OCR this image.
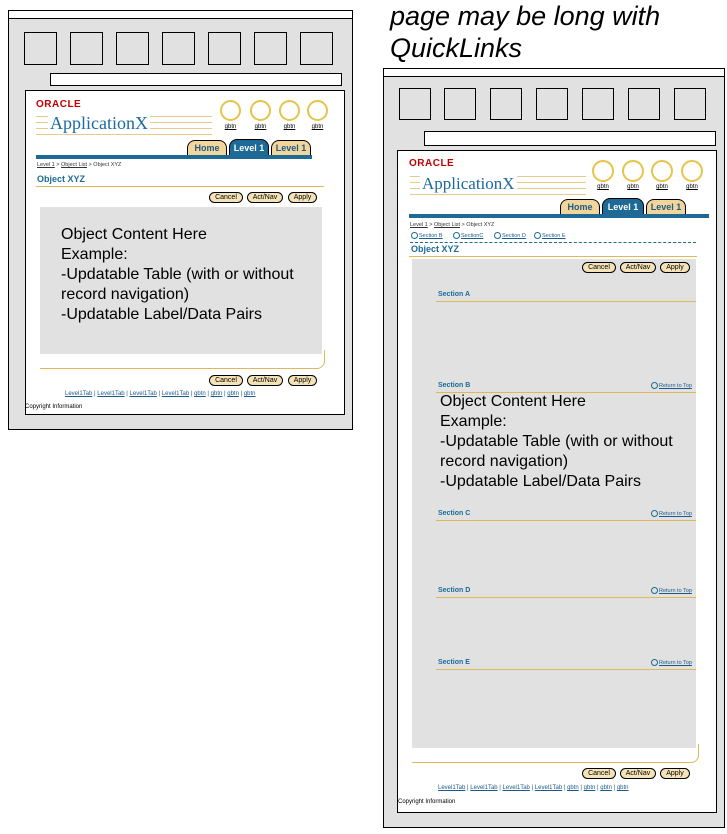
page may be long with
QuickLinks
ORACLE
ApplicationX	gbtn	gbtn	gbtn	gbtn
Home	Level 1	Level 1
Level 1 > Object List > Object XYZ
Object XYZ
Cancel	Act/Nav	Apply
Object Content Here
Example:
-Updatable Table (with or without
record navigation)
-Updatable Label/Data Pairs
Cancel	Act/Nav	Apply
Level1Tab | Level1Tab | Level1Tab | Level1Tab | gbtn | gbtn | gbtn | gbtn
Copyright Information
ORACLE
ApplicationX	gbtn	gbtn	gbtn	gbtn
Home	Level 1	Level 1
Level 1 > Object List > Object XYZ
Section B	SectionC	Section D	Section E
Object XYZ
Cancel	Act/Nav	Apply
Section A
Section B	Return to Top
Object Content Here
Example:
-Updatable Table (with or without
record navigation)
-Updatable Label/Data Pairs
Section C	Return to Top
Section D	Return to Top
Section E	Return to Top
Cancel	Act/Nav	Apply
Level1Tab | Level1Tab | Level1Tab | Level1Tab | gbtn | gbtn | gbtn | gbtn
Copyright Information
